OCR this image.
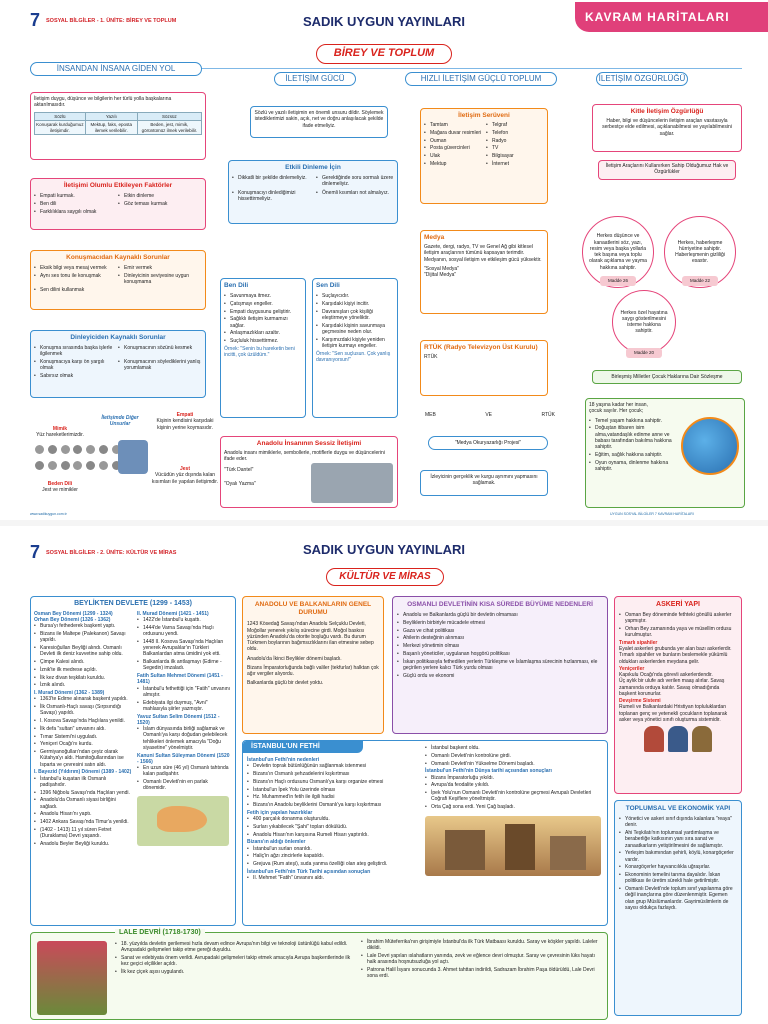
7 SOSYAL BİLGİLER - 1. ÜNİTE: BİREY VE TOPLUM	SADIK UYGUN YAYINLARI	KAVRAM HARİTALARI
BİREY VE TOPLUM
İNSANDAN İNSANA GİDEN YOL
İLETİŞİM GÜCÜ	HIZLI İLETİŞİM GÜÇLÜ TOPLUM	İLETİŞİM ÖZGÜRLÜĞÜ
İletişim duygu, düşünce ve bilgilerin her türlü yolla başkalarına aktarılmasıdır.
Sözlü	Yazılı	Sözsüz
Konuşarak kurduğumuz iletişimdir.	Mektup, faks, eposta ilemek verilebilir.	Beden, jest, mimik, görüntümüz ilmek verilebilir.
İletişimi Olumlu Etkileyen Faktörler
• Empati kurmak.	• Etkin dinleme
• Ben dili	• Göz teması kurmak
• Farklılıklara saygılı olmak
Konuşmacıdan Kaynaklı Sorunlar
• Eksik bilgi veya mesaj vermek	• Emir vermek
• Aynı ses tonu ile konuşmak	• Dinleyicinin seviyesine uygun konuşmama
• Sen dilini kullanmak
Dinleyiciden Kaynaklı Sorunlar
• Konuşma sırasında başka işlerle ilgilenmek
• Konuşmacının sözünü kesmek
• Konuşmacıya karşı ön yargılı olmak
• Konuşmacının söylediklerini yanlış yorumlamak
• Sabırsız olmak
Mimik
Yüz hareketlerimizdir.
İletişimde Diğer Unsurlar
Empati
Kişinin kendisini karşıdaki kişinin yerine koymasıdır.
Jest
Vücüdün yüz dışında kalan kısımları ile yapılan iletişimdir.
Beden Dili
Jest ve mimikler
www.sadikuygun.com.tr
Sözlü ve yazılı iletişimin en önemli unsuru dildir. Söylemek istediklerimizi sakin, açık, net ve doğru anlaşılacak şekilde ifade etmeliyiz.
Etkili Dinleme İçin
• Dikkatli bir şekilde dinlemeliyiz.	• Gerektiğinde soru sormalı üzere dinlemeliyiz.
• Konuşmacıyı dinlediğimizi hissettirmeliyiz.
• Önemli kısımları not almalıyız.
Ben Dili
• Savunmaya itmez.
• Çatışmayı engeller.
• Empati duygusunu geliştirir.
• Sağlıklı iletişim kurmamızı sağlar.
• Anlaşmazlıkları azaltır.
• Suçluluk hissettirmez.
Örnek: "Senin bu hareketin beni incitti, çok üzüldüm."
Sen Dili
• Suçlayıcıdır.
• Karşıdaki kişiyi incitir.
• Davranışları çok kişiliği eleştirmeye yöneliktir.
• Karşıdaki kişinin savunmaya geçmesine neden olur.
• Karşımızdaki kişiyle yeniden iletişim kurmayı engeller.
Örnek: "Sen suçlusun. Çok yanlış davranıyorsun!"
Anadolu İnsanının Sessiz İletişimi
Anadolu insanı mimiklerle, sembollerle, motiflerle duygu ve düşüncelerini ifade eder.
"Türk Dantel"
"Oyalı Yazma"
İletişim Serüveni
• Tamtam	• Telgraf
• Mağara duvar resimleri	• Telefon
• Ouman	• Radyo
• Posta güvercinleri	• TV
• Ulak	• Bilgisayar
• Mektup	• İnternet
Medya
Gazete, dergi, radyo, TV ve Genel Ağ gibi kitlesel iletişim araçlarının tümünü kapsayan terimdir. Medyanın, sosyal iletişim ve etkileşim gücü yüksektir.
"Sosyal Medya"
"Dijital Medya"
RTÜK (Radyo Televizyon Üst Kurulu)
RTÜK
MEB	VE	RTÜK
"Medya Okuryazarlığı Projesi"
İzleyicinin gerçeklik ve kurgu ayrımını yapmasını sağlamak.
Kitle İletişim Özgürlüğü
Haber, bilgi ve düşüncelerin iletişim araçları vasıtasıyla serbestçe elde edilmesi, açıklanabilmesi ve yayılabilmesini sağlar.
İletişim Araçlarını Kullanırken Sahip Olduğumuz Hak ve Özgürlükler
Herkes düşünce ve kanaatlerini söz, yazı, resim veya başka yollarla tek başına veya toplu olarak açıklama ve yayma hakkına sahiptir.
Madde 26
Herkes, haberleşme hürriyetine sahiptir. Haberleşmenin gizliliği esastır.
Madde 22
Herkes özel hayatına saygı gösterilmesini isteme hakkına sahiptir.
Madde 20
Birleşmiş Milletler Çocuk Haklarına Dair Sözleşme
18 yaşına kadar her insan, çocuk sayılır. Her çocuk;
• Temel yaşam hakkına sahiptir.
• Doğuştan itibaren isim alma,vatandaşlık edinme anne ve babası tarafından bakılma hakkına sahiptir.
• Eğitim, sağlık hakkına sahiptir.
• Oyun oynama, dinlenme hakkına sahiptir.
UYGUN SOSYAL BİLGİLER 7 KAVRAM HARİTALARI
7 SOSYAL BİLGİLER - 2. ÜNİTE: KÜLTÜR VE MİRAS	SADIK UYGUN YAYINLARI
KÜLTÜR VE MİRAS
BEYLİKTEN DEVLETE (1299 - 1453)
Osman Bey Dönemi (1299 - 1324)
Orhan Bey Dönemi (1326 - 1362)
• Bursa'yı fethederek başkent yaptı.
• Bizans ile Maltepe (Palekanon) Savaşı yapıldı.
• Karesioğulları Beyliği alındı. Osmanlı Devleti ilk deniz kuvvetine sahip oldu.
• Çimpe Kalesi alındı.
• İznik'te ilk medrese açıldı.
• İlk kez divan teşkilatı kuruldu.
• İznik alındı.
I. Murad Dönemi (1362 - 1389)
• 1363'te Edirne alınarak başkent yapıldı.
• İlk Osmanlı-Haçlı savaşı (Sırpsındığı Savaşı) yapıldı.
• I. Kosova Savaşı'nda Haçlılara yenildi.
• İlk defa "sultan" unvanını aldı.
• Tımar Sistemi'ni uyguladı.
• Yeniçeri Ocağı'nı kurdu.
• Germiyanoğulları'ndan çeyiz olarak Kütahya'yı aldı. Hamitoğullarından ise Isparta ve çevresini satın aldı.
I. Bayezid (Yıldırım) Dönemi (1389 - 1402)
• İstanbul'u kuşatan ilk Osmanlı padişahıdır.
• 1396 Niğbolu Savaşı'nda Haçlıları yendi.
• Anadolu'da Osmanlı siyasi birliğini sağladı.
• Anadolu Hisarı'nı yaptı.
• 1402 Ankara Savaşı'nda Timur'a yenildi.
• (1402 - 1413) 11 yıl süren Fetret (Duraklama) Devri yaşandı.
• Anadolu Beyler Beyliği kuruldu.
II. Murad Dönemi (1421 - 1451)
• 1422'de İstanbul'u kuşattı.
• 1444'de Varna Savaşı'nda Haçlı ordusunu yendi.
• 1448 II. Kosova Savaşı'nda Haçlıları yenerek Avrupalılar'ın Türkleri Balkanlardan atma ümidini yok etti.
• Balkanlarda ilk antlaşmayı (Edirne - Segedin) imzaladı.
Fatih Sultan Mehmet Dönemi (1451 - 1481)
• İstanbul'u fethettiği için "Fatih" unvanını almıştır.
• Edebiyata ilgi duymuş, "Avni" mahlasıyla şiirler yazmıştır.
Yavuz Sultan Selim Dönemi (1512 - 1520)
• İslam dünyasında birliği sağlamak ve Osmanlı'ya karşı doğudan gelebilecek tehlikeleri önlemek amacıyla "Doğu siyasetine" yönelmiştir.
Kanuni Sultan Süleyman Dönemi (1520 - 1566)
• En uzun süre (46 yıl) Osmanlı tahtında kalan padişahtır.
• Osmanlı Devleti'nin en parlak dönemidir.
ANADOLU VE BALKANLARIN GENEL DURUMU
1243 Kösedağ Savaşı'ndan Anadolu Selçuklu Devleti, Moğollar yenerek yıkılış sürecine girdi. Moğol baskısı yüzünden Anadolu'da otorite boşluğu vardı. Bu durum Türkmen boylarının bağımsızlıklarını ilan etmesine sebep oldu.
Anadolu'da İkinci Beylikler dönemi başladı.
Bizans İmparatorluğunda bağlı valiler (tekfurlar) halktan çok ağır vergiler alıyordu.
Balkanlarda güçlü bir devlet yoktu.
OSMANLI DEVLETİNİN KISA SÜREDE BÜYÜME NEDENLERİ
• Anadolu ve Balkanlarda güçlü bir devletin olmaması
• Beyliklerin birbiriyle mücadele etmesi
• Gaza ve cihat politikası
• Ahilerin desteğinin alınması
• Merkezi yönetimin olması
• Başarılı yöneticiler, uygulanan hoşgörü politikası
• İskan politikasıyla fethedilen yerlerin Türkleşme ve İslamlaşma sürecinin hızlanması, ele geçirilen yerlere kalıcı Türk yurdu olması
• Güçlü ordu ve ekonomi
ASKERİ YAPI
• Osman Bey döneminde fethteki gönüllü askerler yapmıştır.
• Orhan Bey zamanında yaya ve müsellim ordusu kurulmuştur.
Tımarlı sipahiler
Eyalet askerleri grubunda yer alan bazı askerlerdir. Tımarlı sipahiler ve bunların beslemekle yükümlü oldukları askerlerden meydana gelir.
Yeniçeriler
Kapıkulu Ocağı'nda görevli askerlerdendir.
Üç aylık bir ulufe adı verilen maaş alırlar. Savaş zamanında orduya katılır. Savaş olmadığında başkent korunurlar.
Devşirme Sistemi
Rumeli ve Balkanlardaki Hristiyan topluluklardan toplanan genç ve yetenekli çocukların toplanarak asker veya yönetici sınıfı oluşturma sistemidir.
İSTANBUL'UN FETHİ
İstanbul'un Fethi'nin nedenleri
• Devletin toprak bütünlüğünün sağlanmak istenmesi
• Bizans'ın Osmanlı şehzadelerini kışkırtması
• Bizans'ın Haçlı ordusunu Osmanlı'ya karşı organize etmesi
• İstanbul'un İpek Yolu üzerinde olması
• Hz. Muhammed'in fetih ile ilgili hadisi
• Bizans'ın Anadolu beyliklerini Osmanlı'ya karşı kışkırtması
Fetih için yapılan hazırlıklar
• 400 parçalık donanma oluşturuldu.
• Surları yıkabilecek "Şahi" topları dökülüdü.
• Anadolu Hisarı'nın karşısına Rumeli Hisarı yaptırıldı.
Bizans'ın aldığı önlemler
• İstanbul'un surları onarıldı.
• Haliç'in ağzı zincirlerle kapatıldı.
• Grejuva (Rum ateşi), suda yanma özelliği olan ateş geliştirdi.
İstanbul'un Fethi'nin Türk Tarihi açısından sonuçları
• II. Mehmet "Fatih" ünvanını aldı.
• İstanbul başkent oldu.
• Osmanlı Devleti'nin kontrolüne girdi.
• Osmanlı Devleti'nin Yükselme Dönemi başladı.
İstanbul'un Fethi'nin Dünya tarihi açısından sonuçları
• Bizans İmparatorluğu yıkıldı.
• Avrupa'da feodalite yıkıldı.
• İpek Yolu'nun Osmanlı Devleti'nin kontrolüne geçmesi Avrupalı Devletleri Coğrafi Keşiflere yöneltmiştir.
• Orta Çağ sona erdi. Yeni Çağ başladı.	TOPLUMSAL VE EKONOMİK YAPI
• Yönetici ve askeri sınıf dışında kalanlara "reaya" denir.
• Ahi Teşkilatı'nın toplumsal yardımlaşma ve beraberliğe katkısının yanı sıra sanat ve zanaatkarların yetiştirilmesini de sağlamıştır.
• Yerleşim bakımından şehirli, köylü, konargöçerler vardır.
• Konargöçerler hayvancılıkla uğraşırlar.
• Ekonominin temelini tarıma dayalıdır. İskan politikası ile üretim sürekli hale getirilmiştir.
• Osmanlı Devleti'nde toplum sınıf yapılanma göre değil inançlarına göre düzenlenmiştir. Egemen olan grup Müslümanlardır. Gayrimüslimlerin de sayısı oldukça fazlaydı.
LALE DEVRİ (1718-1730)
• 18. yüzyılda devletin gerilemesi hızla devam edince Avrupa'nın bilgi ve teknoloji üstünlüğü kabul edildi. Avrupadaki gelişmeleri takip etme gereği duyuldu.
• Sanat ve edebiyata önem verildi. Avrupadaki gelişmeleri takip etmek amacıyla Avrupa başkentlerinde ilk kez geçici elçilikler açıldı.
• İlk kez çiçek aşısı uygulandı.
• İbrahim Müteferrika'nın girişimiyle İstanbul'da ilk Türk Matbaası kuruldu. Saray ve köşkler yapıldı. Laleler dikildi.
• Lale Devri yapılan ıslahatların yanında, zevk ve eğlence devri olmuştur. Saray ve çevresinin lüks hayatı halk arasında hoşnutsuzluğa yol açtı.
• Patrona Halil İsyanı sonucunda 3. Ahmet tahttan indirildi, Sadrazam İbrahim Paşa öldürüldü, Lale Devri sona erdi.
